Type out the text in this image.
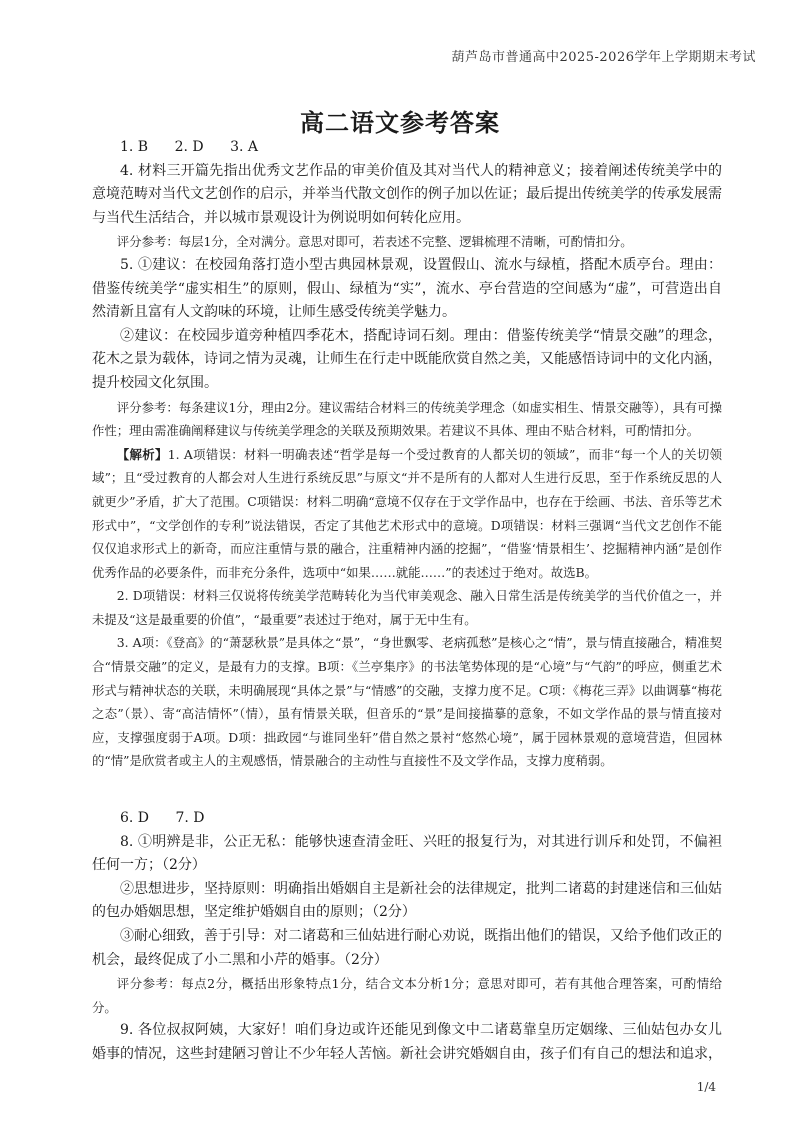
葫芦岛市普通高中2025-2026学年上学期期末考试
高二语文参考答案

1. B 2. D 3. A

4. 材料三开篇先指出优秀文艺作品的审美价值及其对当代人的精神意义；接着阐述传统美学中的意境范畴对当代文艺创作的启示，并举当代散文创作的例子加以佐证；最后提出传统美学的传承发展需与当代生活结合，并以城市景观设计为例说明如何转化应用。

评分参考：每层1分，全对满分。意思对即可，若表述不完整、逻辑梳理不清晰，可酌情扣分。

5. ①建议：在校园角落打造小型古典园林景观，设置假山、流水与绿植，搭配木质亭台。理由：借鉴传统美学“虚实相生”的原则，假山、绿植为“实”，流水、亭台营造的空间感为“虚”，可营造出自然清新且富有人文韵味的环境，让师生感受传统美学魅力。

②建议：在校园步道旁种植四季花木，搭配诗词石刻。理由：借鉴传统美学“情景交融”的理念，花木之景为载体，诗词之情为灵魂，让师生在行走中既能欣赏自然之美，又能感悟诗词中的文化内涵，提升校园文化氛围。

评分参考：每条建议1分，理由2分。建议需结合材料三的传统美学理念（如虚实相生、情景交融等），具有可操作性；理由需准确阐释建议与传统美学理念的关联及预期效果。若建议不具体、理由不贴合材料，可酌情扣分。

【解析】1. A项错误：材料一明确表述“哲学是每一个受过教育的人都关切的领域”，而非“每一个人的关切领域”；且“受过教育的人都会对人生进行系统反思”与原文“并不是所有的人都对人生进行反思，至于作系统反思的人就更少”矛盾，扩大了范围。C项错误：材料二明确“意境不仅存在于文学作品中，也存在于绘画、书法、音乐等艺术形式中”，“文学创作的专利”说法错误，否定了其他艺术形式中的意境。D项错误：材料三强调“当代文艺创作不能仅仅追求形式上的新奇，而应注重情与景的融合，注重精神内涵的挖掘”，“借鉴‘情景相生’、挖掘精神内涵”是创作优秀作品的必要条件，而非充分条件，选项中“如果……就能……”的表述过于绝对。故选B。

2. D项错误：材料三仅说将传统美学范畴转化为当代审美观念、融入日常生活是传统美学的当代价值之一，并未提及“这是最重要的价值”，“最重要”表述过于绝对，属于无中生有。

3. A项：《登高》的“萧瑟秋景”是具体之“景”，“身世飘零、老病孤愁”是核心之“情”，景与情直接融合，精准契合“情景交融”的定义，是最有力的支撑。B项：《兰亭集序》的书法笔势体现的是“心境”与“气韵”的呼应，侧重艺术形式与精神状态的关联，未明确展现“具体之景”与“情感”的交融，支撑力度不足。C项：《梅花三弄》以曲调摹“梅花之态”（景）、寄“高洁情怀”（情），虽有情景关联，但音乐的“景”是间接描摹的意象，不如文学作品的景与情直接对应，支撑强度弱于A项。D项：拙政园“与谁同坐轩”借自然之景衬“悠然心境”，属于园林景观的意境营造，但园林的“情”是欣赏者或主人的主观感悟，情景融合的主动性与直接性不及文学作品，支撑力度稍弱。

6. D 7. D

8. ①明辨是非，公正无私：能够快速查清金旺、兴旺的报复行为，对其进行训斥和处罚，不偏袒任何一方；（2分）

②思想进步，坚持原则：明确指出婚姻自主是新社会的法律规定，批判二诸葛的封建迷信和三仙姑的包办婚姻思想，坚定维护婚姻自由的原则；（2分）

③耐心细致，善于引导：对二诸葛和三仙姑进行耐心劝说，既指出他们的错误，又给予他们改正的机会，最终促成了小二黑和小芹的婚事。（2分）

评分参考：每点2分，概括出形象特点1分，结合文本分析1分；意思对即可，若有其他合理答案，可酌情给分。

9. 各位叔叔阿姨，大家好！咱们身边或许还能见到像文中二诸葛靠皇历定姻缘、三仙姑包办女儿婚事的情况，这些封建陋习曾让不少年轻人苦恼。新社会讲究婚姻自由，孩子们有自己的想法和追求，

1/4
